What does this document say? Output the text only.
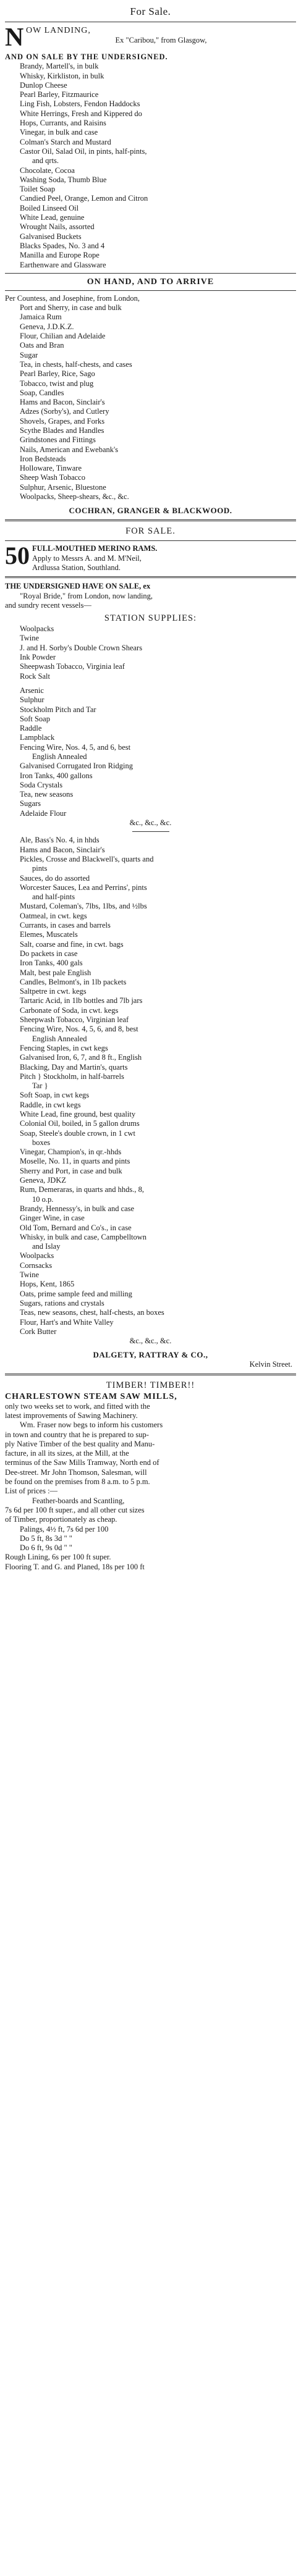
For Sale.
N OW LANDING,
Ex "Caribou," from Glasgow,
AND ON SALE BY THE UNDERSIGNED.
Brandy, Martell's, in bulk
Whisky, Kirkliston, in bulk
Dunlop Cheese
Pearl Barley, Fitzmaurice
Ling Fish, Lobsters, Fendon Haddocks
White Herrings, Fresh and Kippered do
Hops, Currants, and Raisins
Vinegar, in bulk and case
Colman's Starch and Mustard
Castor Oil, Salad Oil, in pints, half-pints,
and qrts.
Chocolate, Cocoa
Washing Soda, Thumb Blue
Toilet Soap
Candied Peel, Orange, Lemon and Citron
Boiled Linseed Oil
White Lead, genuine
Wrought Nails, assorted
Galvanised Buckets
Blacks Spades, No. 3 and 4
Manilla and Europe Rope
Earthenware and Glassware
ON HAND, AND TO ARRIVE
Per Countess, and Josephine, from London,
Port and Sherry, in case and bulk
Jamaica Rum
Geneva, J.D.K.Z.
Flour, Chilian and Adelaide
Oats and Bran
Sugar
Tea, in chests, half-chests, and cases
Pearl Barley, Rice, Sago
Tobacco, twist and plug
Soap, Candles
Hams and Bacon, Sinclair's
Adzes (Sorby's), and Cutlery
Shovels, Grapes, and Forks
Scythe Blades and Handles
Grindstones and Fittings
Nails, American and Ewebank's
Iron Bedsteads
Holloware, Tinware
Sheep Wash Tobacco
Sulphur, Arsenic, Bluestone
Woolpacks, Sheep-shears, &c., &c.
COCHRAN, GRANGER & BLACKWOOD.
FOR SALE.
50 FULL-MOUTHED MERINO RAMS.
Apply to Messrs A. and M. M'Neil,
Ardlussa Station, Southland.
THE UNDERSIGNED HAVE ON SALE, ex
"Royal Bride," from London, now landing,
and sundry recent vessels—
STATION SUPPLIES:
Woolpacks
Twine
J. and H. Sorby's Double Crown Shears
Ink Powder
Sheepwash Tobacco, Virginia leaf
Rock Salt
Arsenic
Sulphur
Stockholm Pitch and Tar
Soft Soap
Raddle
Lampblack
Fencing Wire, Nos. 4, 5, and 6, best
English Annealed
Galvanised Corrugated Iron Ridging
Iron Tanks, 400 gallons
Soda Crystals
Tea, new seasons
Sugars
Adelaide Flour
&c., &c., &c.
Ale, Bass's No. 4, in hhds
Hams and Bacon, Sinclair's
Pickles, Crosse and Blackwell's, quarts and
pints
Sauces, do do assorted
Worcester Sauces, Lea and Perrins', pints
and half-pints
Mustard, Coleman's, 7lbs, 1lbs, and ½lbs
Oatmeal, in cwt. kegs
Currants, in cases and barrels
Elemes, Muscatels
Salt, coarse and fine, in cwt. bags
Do packets in case
Iron Tanks, 400 gals
Malt, best pale English
Candles, Belmont's, in 1lb packets
Saltpetre in cwt. kegs
Tartaric Acid, in 1lb bottles and 7lb jars
Carbonate of Soda, in cwt. kegs
Sheepwash Tobacco, Virginian leaf
Fencing Wire, Nos. 4, 5, 6, and 8, best
English Annealed
Fencing Staples, in cwt kegs
Galvanised Iron, 6, 7, and 8 ft., English
Blacking, Day and Martin's, quarts
Pitch } Stockholm, in half-barrels
Tar }
Soft Soap, in cwt kegs
Raddle, in cwt kegs
White Lead, fine ground, best quality
Colonial Oil, boiled, in 5 gallon drums
Soap, Steele's double crown, in 1 cwt
boxes
Vinegar, Champion's, in qr.-hhds
Moselle, No. 11, in quarts and pints
Sherry and Port, in case and bulk
Geneva, JDKZ
Rum, Demeraras, in quarts and hhds., 8,
10 o.p.
Brandy, Hennessy's, in bulk and case
Ginger Wine, in case
Old Tom, Bernard and Co's., in case
Whisky, in bulk and case, Campbelltown
and Islay
Woolpacks
Cornsacks
Twine
Hops, Kent, 1865
Oats, prime sample feed and milling
Sugars, rations and crystals
Teas, new seasons, chest, half-chests, an boxes
Flour, Hart's and White Valley
Cork Butter
&c., &c., &c.
DALGETY, RATTRAY & CO.,
Kelvin Street.
TIMBER! TIMBER!!
CHARLESTOWN STEAM SAW MILLS,
only two weeks set to work, and fitted with the
latest improvements of Sawing Machinery.
Wm. Fraser now begs to inform his customers
in town and country that he is prepared to sup-
ply Native Timber of the best quality and Manu-
facture, in all its sizes, at the Mill, at the
terminus of the Saw Mills Tramway, North end of
Dee-street. Mr John Thomson, Salesman, will
be found on the premises from 8 a.m. to 5 p.m.
List of prices :—
Feather-boards and Scantling,
7s 6d per 100 ft super., and all other cut sizes
of Timber, proportionately as cheap.
Palings, 4½ ft, 7s 6d per 100
Do 5 ft, 8s 3d " "
Do 6 ft, 9s 0d " "
Rough Lining, 6s per 100 ft super.
Flooring T. and G. and Planed, 18s per 100 ft
